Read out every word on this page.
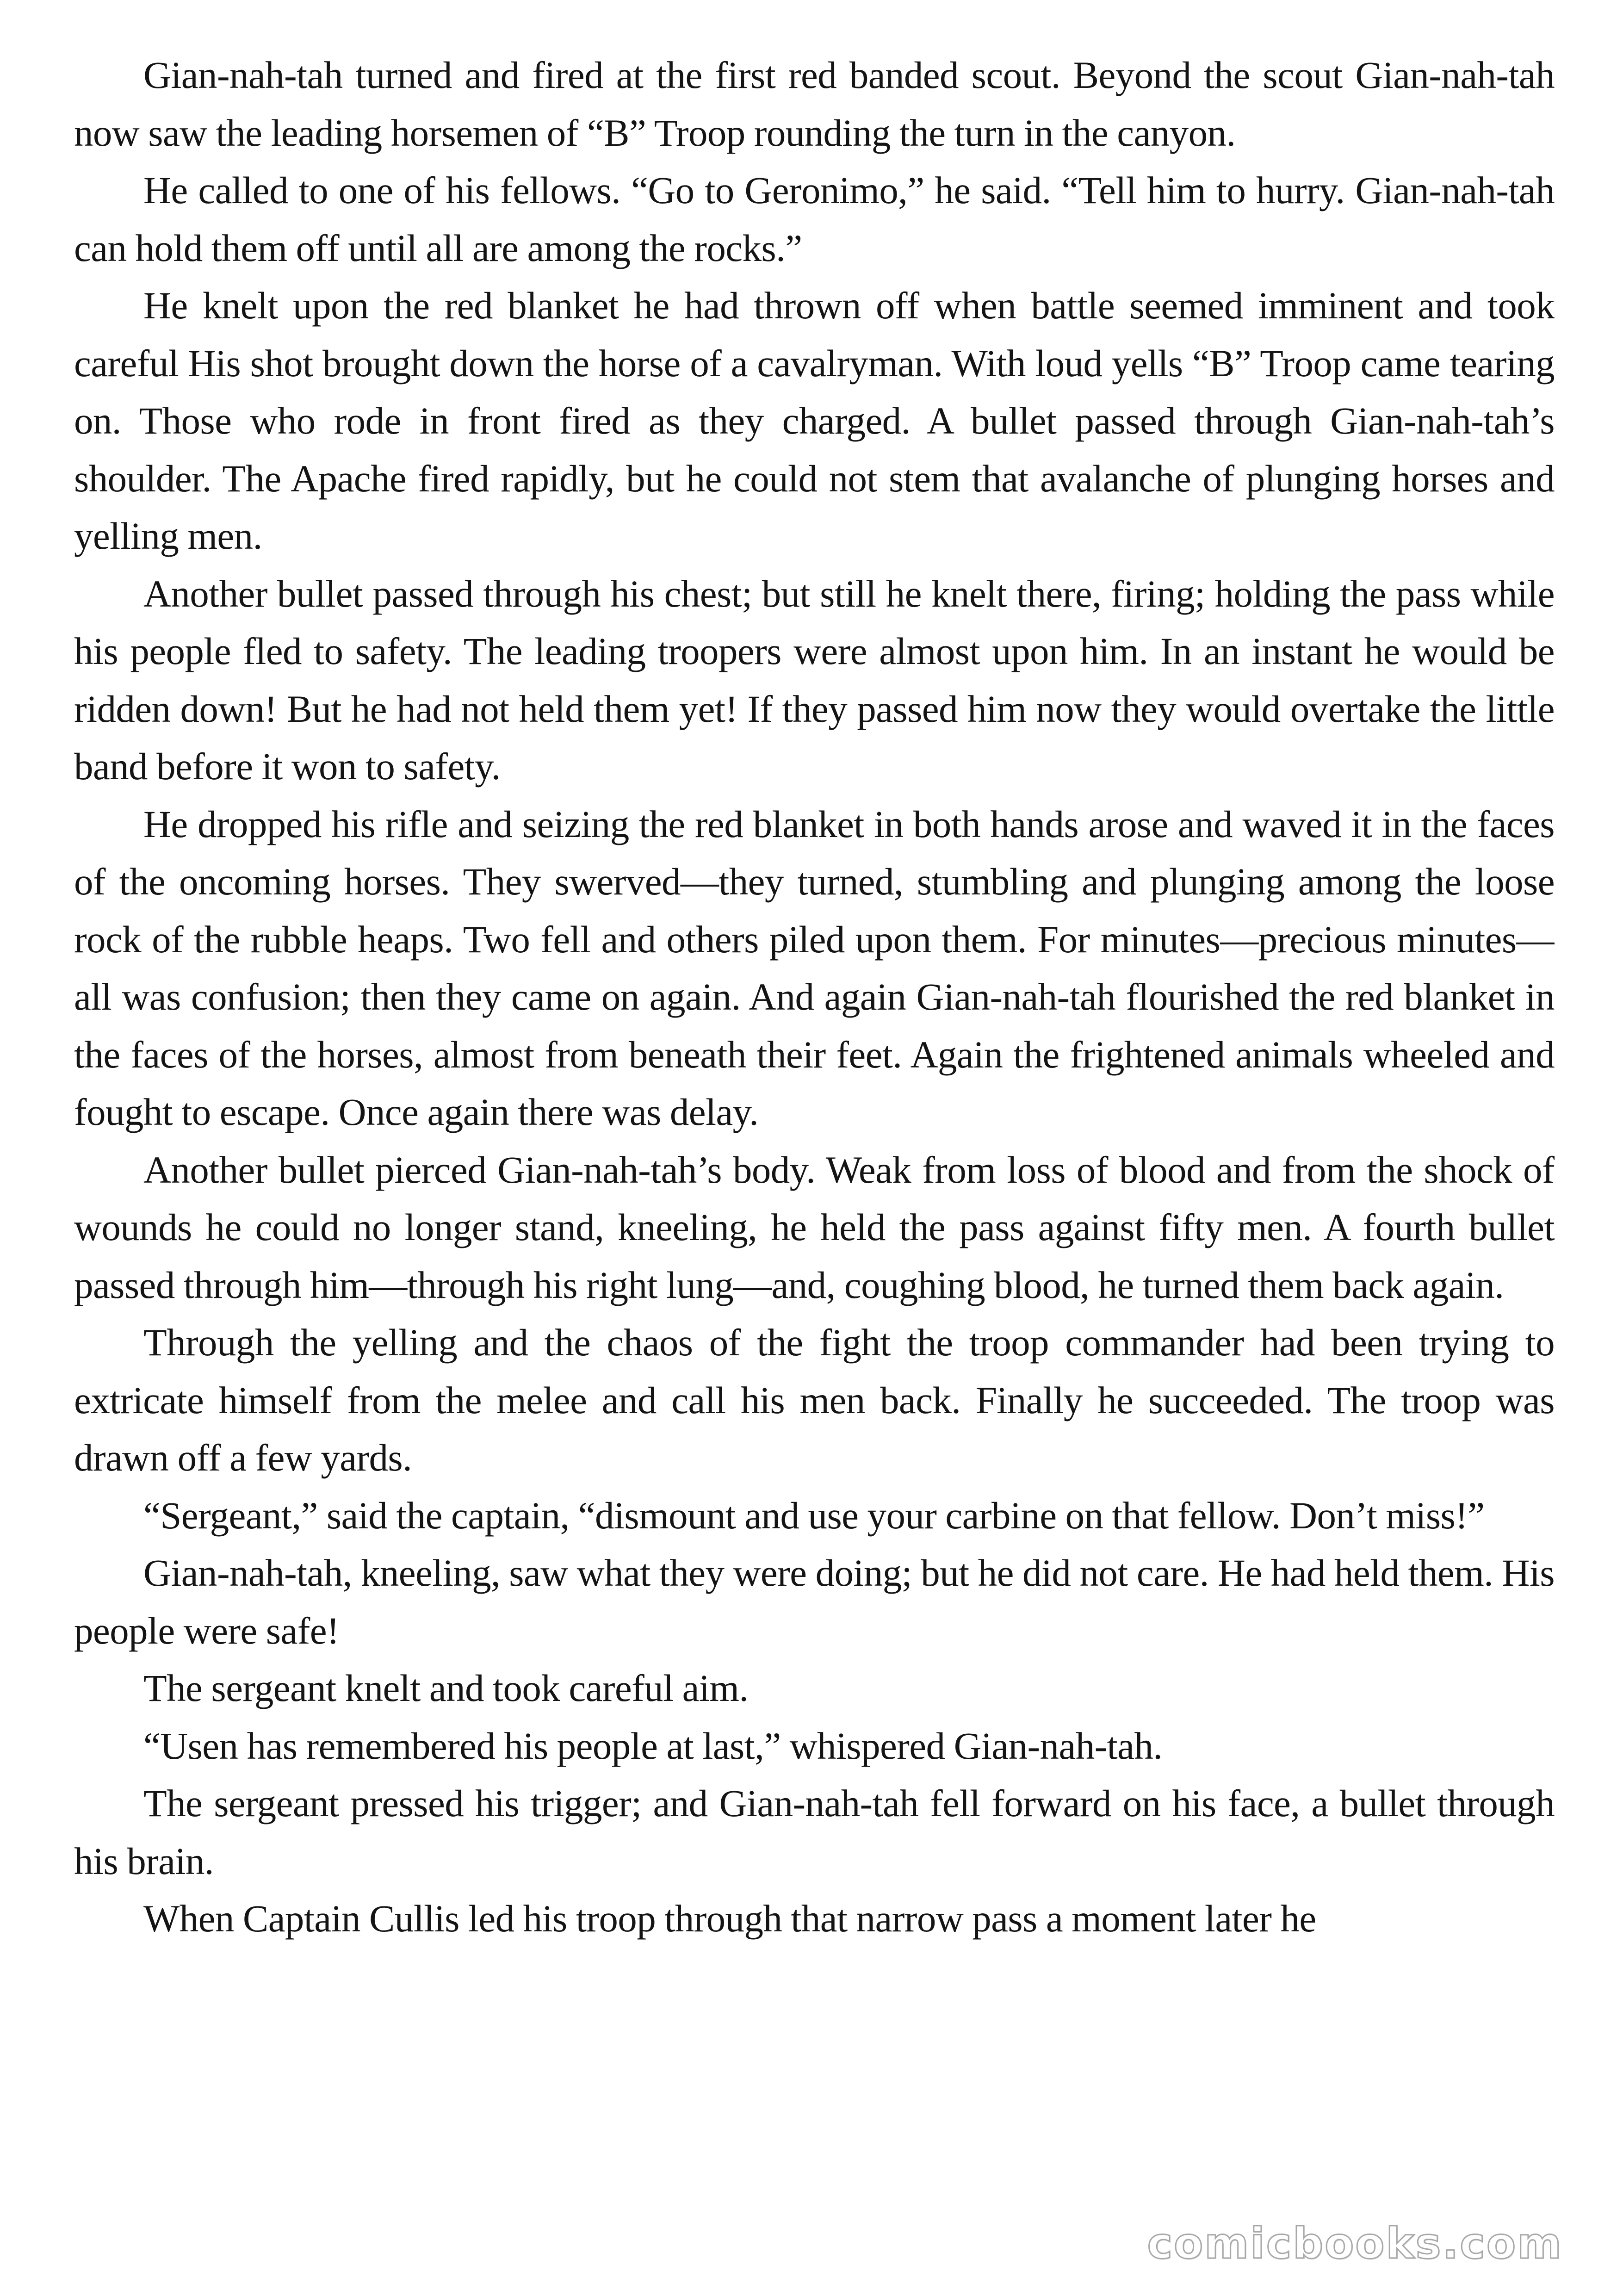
Gian-nah-tah turned and fired at the first red banded scout. Beyond the scout Gian-nah-tah now saw the leading horsemen of “B” Troop rounding the turn in the canyon.

He called to one of his fellows. “Go to Geronimo,” he said. “Tell him to hurry. Gian-nah-tah can hold them off until all are among the rocks.”

He knelt upon the red blanket he had thrown off when battle seemed imminent and took careful His shot brought down the horse of a cavalryman. With loud yells “B” Troop came tearing on. Those who rode in front fired as they charged. A bullet passed through Gian-nah-tah’s shoulder. The Apache fired rapidly, but he could not stem that avalanche of plunging horses and yelling men.

Another bullet passed through his chest; but still he knelt there, firing; holding the pass while his people fled to safety. The leading troopers were almost upon him. In an instant he would be ridden down! But he had not held them yet! If they passed him now they would overtake the little band before it won to safety.

He dropped his rifle and seizing the red blanket in both hands arose and waved it in the faces of the oncoming horses. They swerved—they turned, stumbling and plunging among the loose rock of the rubble heaps. Two fell and others piled upon them. For minutes—precious minutes—all was confusion; then they came on again. And again Gian-nah-tah flourished the red blanket in the faces of the horses, almost from beneath their feet. Again the frightened animals wheeled and fought to escape. Once again there was delay.

Another bullet pierced Gian-nah-tah’s body. Weak from loss of blood and from the shock of wounds he could no longer stand, kneeling, he held the pass against fifty men. A fourth bullet passed through him—through his right lung—and, coughing blood, he turned them back again.

Through the yelling and the chaos of the fight the troop commander had been trying to extricate himself from the melee and call his men back. Finally he succeeded. The troop was drawn off a few yards.

“Sergeant,” said the captain, “dismount and use your carbine on that fellow. Don’t miss!”

Gian-nah-tah, kneeling, saw what they were doing; but he did not care. He had held them. His people were safe!

The sergeant knelt and took careful aim.

“Usen has remembered his people at last,” whispered Gian-nah-tah.

The sergeant pressed his trigger; and Gian-nah-tah fell forward on his face, a bullet through his brain.

When Captain Cullis led his troop through that narrow pass a moment later he

comicbooks.com
